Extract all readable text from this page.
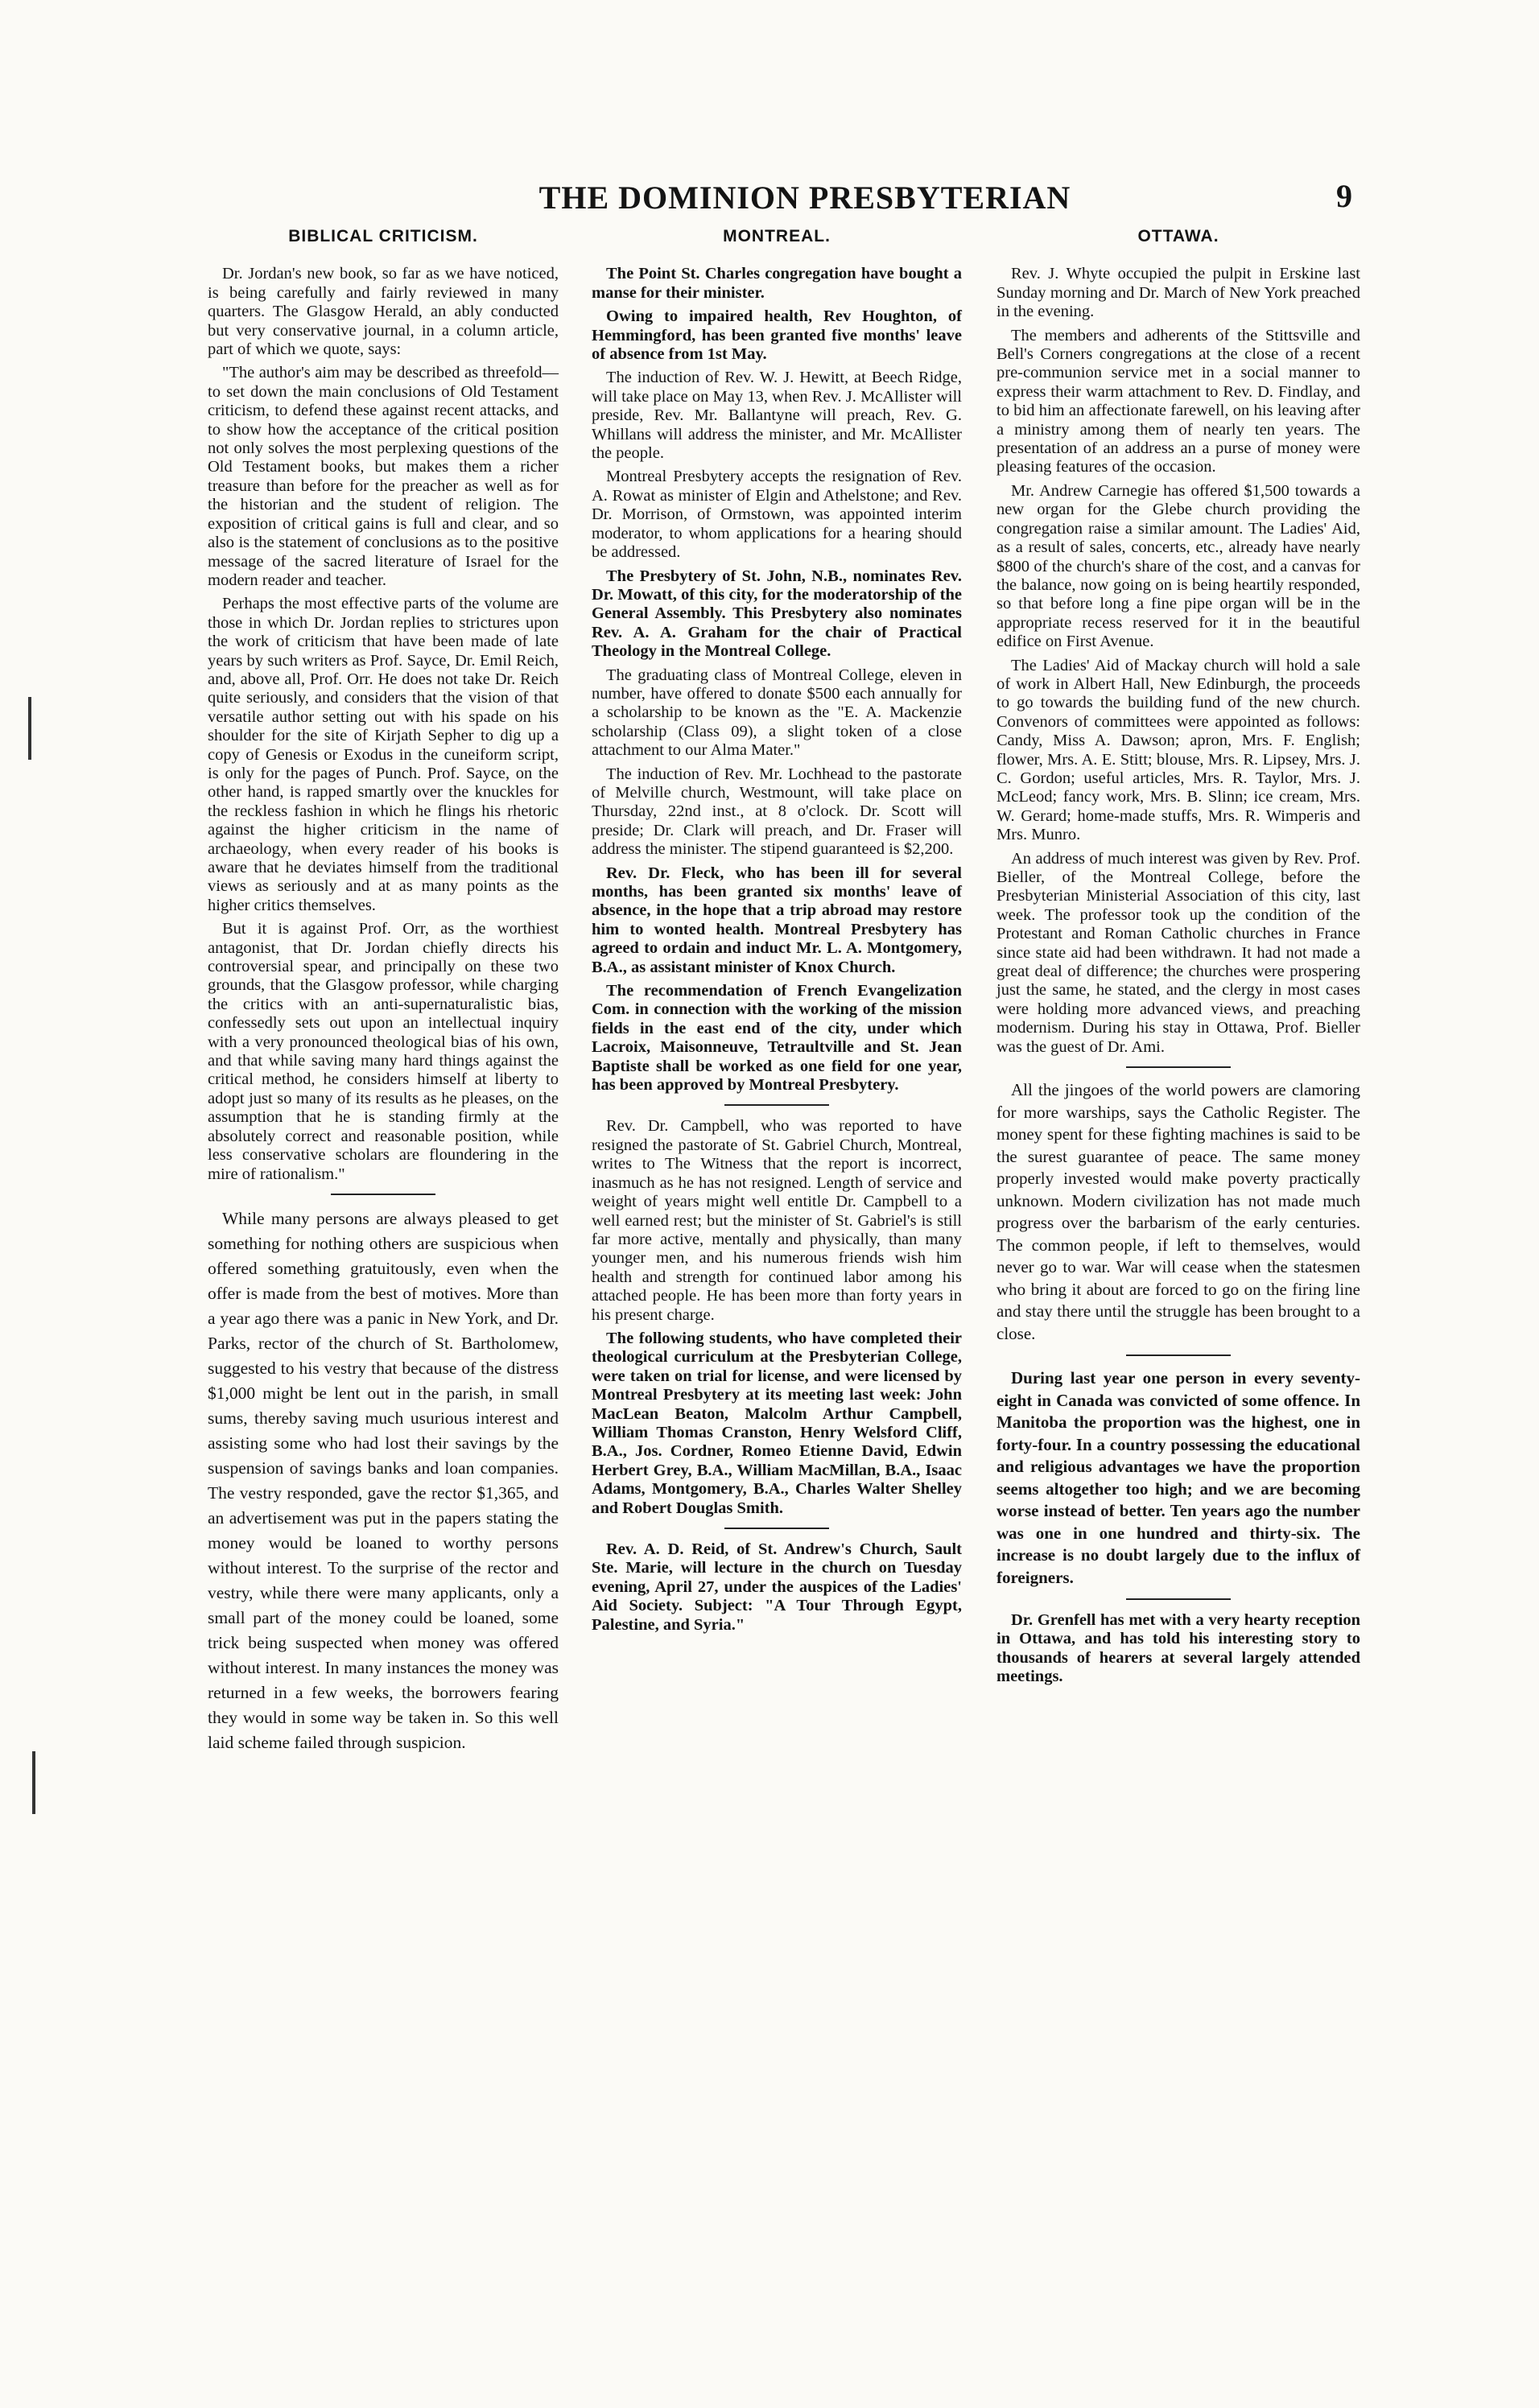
THE DOMINION PRESBYTERIAN	9
BIBLICAL CRITICISM.

Dr. Jordan's new book, so far as we have noticed, is being carefully and fairly reviewed in many quarters. The Glasgow Herald, an ably conducted but very conservative journal, in a column article, part of which we quote, says:

"The author's aim may be described as threefold—to set down the main conclusions of Old Testament criticism, to defend these against recent attacks, and to show how the acceptance of the critical position not only solves the most perplexing questions of the Old Testament books, but makes them a richer treasure than before for the preacher as well as for the historian and the student of religion. The exposition of critical gains is full and clear, and so also is the statement of conclusions as to the positive message of the sacred literature of Israel for the modern reader and teacher.

Perhaps the most effective parts of the volume are those in which Dr. Jordan replies to strictures upon the work of criticism that have been made of late years by such writers as Prof. Sayce, Dr. Emil Reich, and, above all, Prof. Orr. He does not take Dr. Reich quite seriously, and considers that the vision of that versatile author setting out with his spade on his shoulder for the site of Kirjath Sepher to dig up a copy of Genesis or Exodus in the cuneiform script, is only for the pages of Punch. Prof. Sayce, on the other hand, is rapped smartly over the knuckles for the reckless fashion in which he flings his rhetoric against the higher criticism in the name of archaeology, when every reader of his books is aware that he deviates himself from the traditional views as seriously and at as many points as the higher critics themselves.

But it is against Prof. Orr, as the worthiest antagonist, that Dr. Jordan chiefly directs his controversial spear, and principally on these two grounds, that the Glasgow professor, while charging the critics with an anti-supernaturalistic bias, confessedly sets out upon an intellectual inquiry with a very pronounced theological bias of his own, and that while saving many hard things against the critical method, he considers himself at liberty to adopt just so many of its results as he pleases, on the assumption that he is standing firmly at the absolutely correct and reasonable position, while less conservative scholars are floundering in the mire of rationalism."

While many persons are always pleased to get something for nothing others are suspicious when offered something gratuitously, even when the offer is made from the best of motives. More than a year ago there was a panic in New York, and Dr. Parks, rector of the church of St. Bartholomew, suggested to his vestry that because of the distress $1,000 might be lent out in the parish, in small sums, thereby saving much usurious interest and assisting some who had lost their savings by the suspension of savings banks and loan companies. The vestry responded, gave the rector $1,365, and an advertisement was put in the papers stating the money would be loaned to worthy persons without interest. To the surprise of the rector and vestry, while there were many applicants, only a small part of the money could be loaned, some trick being suspected when money was offered without interest. In many instances the money was returned in a few weeks, the borrowers fearing they would in some way be taken in. So this well laid scheme failed through suspicion.

MONTREAL.

The Point St. Charles congregation have bought a manse for their minister.

Owing to impaired health, Rev Houghton, of Hemmingford, has been granted five months' leave of absence from 1st May.

The induction of Rev. W. J. Hewitt, at Beech Ridge, will take place on May 13, when Rev. J. McAllister will preside, Rev. Mr. Ballantyne will preach, Rev. G. Whillans will address the minister, and Mr. McAllister the people.

Montreal Presbytery accepts the resignation of Rev. A. Rowat as minister of Elgin and Athelstone; and Rev. Dr. Morrison, of Ormstown, was appointed interim moderator, to whom applications for a hearing should be addressed.

The Presbytery of St. John, N.B., nominates Rev. Dr. Mowatt, of this city, for the moderatorship of the General Assembly. This Presbytery also nominates Rev. A. A. Graham for the chair of Practical Theology in the Montreal College.

The graduating class of Montreal College, eleven in number, have offered to donate $500 each annually for a scholarship to be known as the "E. A. Mackenzie scholarship (Class 09), a slight token of a close attachment to our Alma Mater."

The induction of Rev. Mr. Lochhead to the pastorate of Melville church, Westmount, will take place on Thursday, 22nd inst., at 8 o'clock. Dr. Scott will preside; Dr. Clark will preach, and Dr. Fraser will address the minister. The stipend guaranteed is $2,200.

Rev. Dr. Fleck, who has been ill for several months, has been granted six months' leave of absence, in the hope that a trip abroad may restore him to wonted health. Montreal Presbytery has agreed to ordain and induct Mr. L. A. Montgomery, B.A., as assistant minister of Knox Church.

The recommendation of French Evangelization Com. in connection with the working of the mission fields in the east end of the city, under which Lacroix, Maisonneuve, Tetraultville and St. Jean Baptiste shall be worked as one field for one year, has been approved by Montreal Presbytery.

Rev. Dr. Campbell, who was reported to have resigned the pastorate of St. Gabriel Church, Montreal, writes to The Witness that the report is incorrect, inasmuch as he has not resigned. Length of service and weight of years might well entitle Dr. Campbell to a well earned rest; but the minister of St. Gabriel's is still far more active, mentally and physically, than many younger men, and his numerous friends wish him health and strength for continued labor among his attached people. He has been more than forty years in his present charge.

The following students, who have completed their theological curriculum at the Presbyterian College, were taken on trial for license, and were licensed by Montreal Presbytery at its meeting last week: John MacLean Beaton, Malcolm Arthur Campbell, William Thomas Cranston, Henry Welsford Cliff, B.A., Jos. Cordner, Romeo Etienne David, Edwin Herbert Grey, B.A., William MacMillan, B.A., Isaac Adams, Montgomery, B.A., Charles Walter Shelley and Robert Douglas Smith.

Rev. A. D. Reid, of St. Andrew's Church, Sault Ste. Marie, will lecture in the church on Tuesday evening, April 27, under the auspices of the Ladies' Aid Society. Subject: "A Tour Through Egypt, Palestine, and Syria."

OTTAWA.

Rev. J. Whyte occupied the pulpit in Erskine last Sunday morning and Dr. March of New York preached in the evening.

The members and adherents of the Stittsville and Bell's Corners congregations at the close of a recent pre-communion service met in a social manner to express their warm attachment to Rev. D. Findlay, and to bid him an affectionate farewell, on his leaving after a ministry among them of nearly ten years. The presentation of an address an a purse of money were pleasing features of the occasion.

Mr. Andrew Carnegie has offered $1,500 towards a new organ for the Glebe church providing the congregation raise a similar amount. The Ladies' Aid, as a result of sales, concerts, etc., already have nearly $800 of the church's share of the cost, and a canvas for the balance, now going on is being heartily responded, so that before long a fine pipe organ will be in the appropriate recess reserved for it in the beautiful edifice on First Avenue.

The Ladies' Aid of Mackay church will hold a sale of work in Albert Hall, New Edinburgh, the proceeds to go towards the building fund of the new church. Convenors of committees were appointed as follows: Candy, Miss A. Dawson; apron, Mrs. F. English; flower, Mrs. A. E. Stitt; blouse, Mrs. R. Lipsey, Mrs. J. C. Gordon; useful articles, Mrs. R. Taylor, Mrs. J. McLeod; fancy work, Mrs. B. Slinn; ice cream, Mrs. W. Gerard; home-made stuffs, Mrs. R. Wimperis and Mrs. Munro.

An address of much interest was given by Rev. Prof. Bieller, of the Montreal College, before the Presbyterian Ministerial Association of this city, last week. The professor took up the condition of the Protestant and Roman Catholic churches in France since state aid had been withdrawn. It had not made a great deal of difference; the churches were prospering just the same, he stated, and the clergy in most cases were holding more advanced views, and preaching modernism. During his stay in Ottawa, Prof. Bieller was the guest of Dr. Ami.

All the jingoes of the world powers are clamoring for more warships, says the Catholic Register. The money spent for these fighting machines is said to be the surest guarantee of peace. The same money properly invested would make poverty practically unknown. Modern civilization has not made much progress over the barbarism of the early centuries. The common people, if left to themselves, would never go to war. War will cease when the statesmen who bring it about are forced to go on the firing line and stay there until the struggle has been brought to a close.

During last year one person in every seventy-eight in Canada was convicted of some offence. In Manitoba the proportion was the highest, one in forty-four. In a country possessing the educational and religious advantages we have the proportion seems altogether too high; and we are becoming worse instead of better. Ten years ago the number was one in one hundred and thirty-six. The increase is no doubt largely due to the influx of foreigners.

Dr. Grenfell has met with a very hearty reception in Ottawa, and has told his interesting story to thousands of hearers at several largely attended meetings.
